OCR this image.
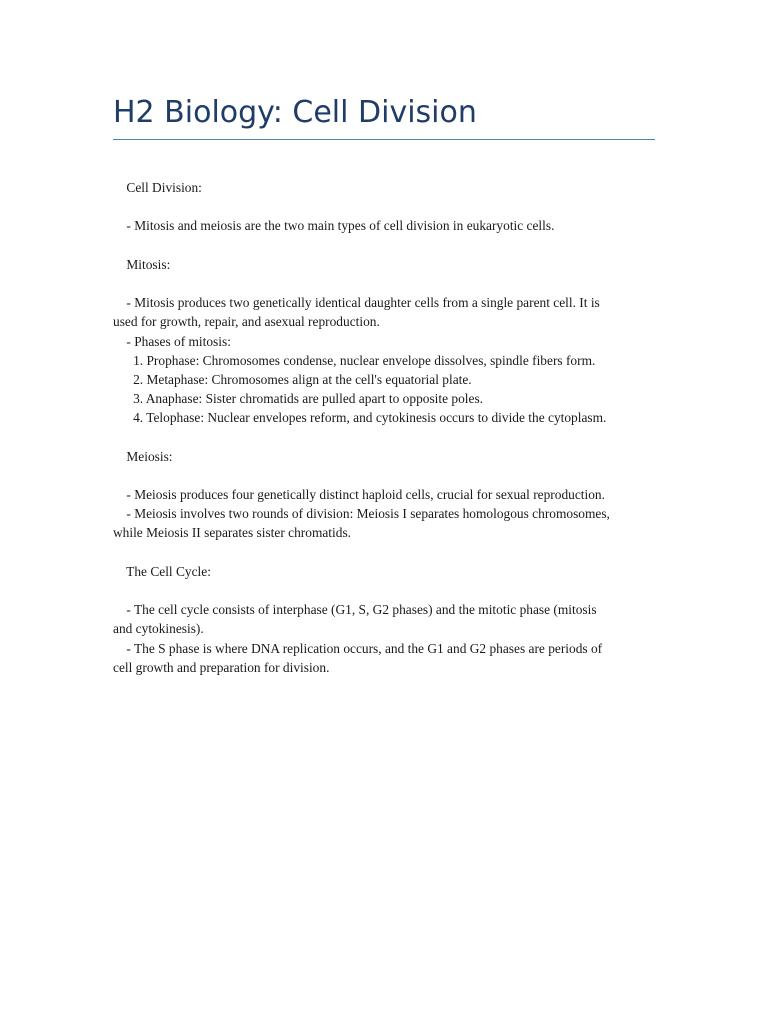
H2 Biology: Cell Division
Cell Division:
- Mitosis and meiosis are the two main types of cell division in eukaryotic cells.
Mitosis:
- Mitosis produces two genetically identical daughter cells from a single parent cell. It is
used for growth, repair, and asexual reproduction.
- Phases of mitosis:
1. Prophase: Chromosomes condense, nuclear envelope dissolves, spindle fibers form.
2. Metaphase: Chromosomes align at the cell's equatorial plate.
3. Anaphase: Sister chromatids are pulled apart to opposite poles.
4. Telophase: Nuclear envelopes reform, and cytokinesis occurs to divide the cytoplasm.
Meiosis:
- Meiosis produces four genetically distinct haploid cells, crucial for sexual reproduction.
- Meiosis involves two rounds of division: Meiosis I separates homologous chromosomes,
while Meiosis II separates sister chromatids.
The Cell Cycle:
- The cell cycle consists of interphase (G1, S, G2 phases) and the mitotic phase (mitosis
and cytokinesis).
- The S phase is where DNA replication occurs, and the G1 and G2 phases are periods of
cell growth and preparation for division.
